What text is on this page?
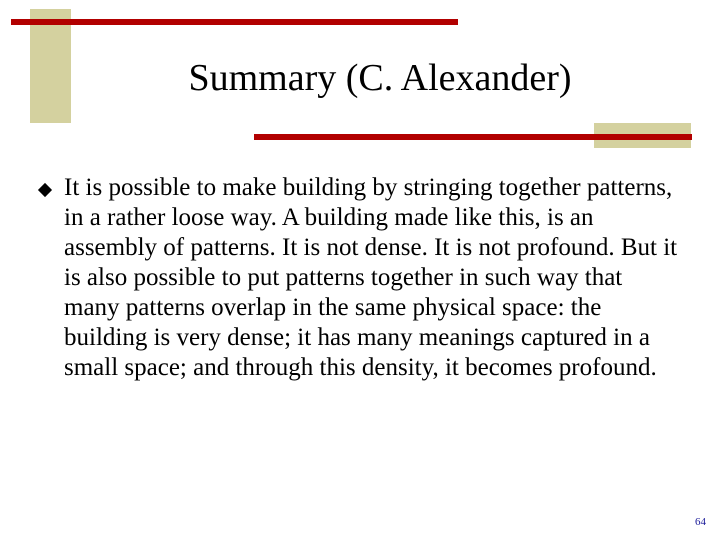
Summary (C. Alexander)

It is possible to make building by stringing together patterns, in a rather loose way. A building made like this, is an assembly of patterns. It is not dense. It is not profound. But it is also possible to put patterns together in such way that many patterns overlap in the same physical space: the building is very dense; it has many meanings captured in a small space; and through this density, it becomes profound.

64
